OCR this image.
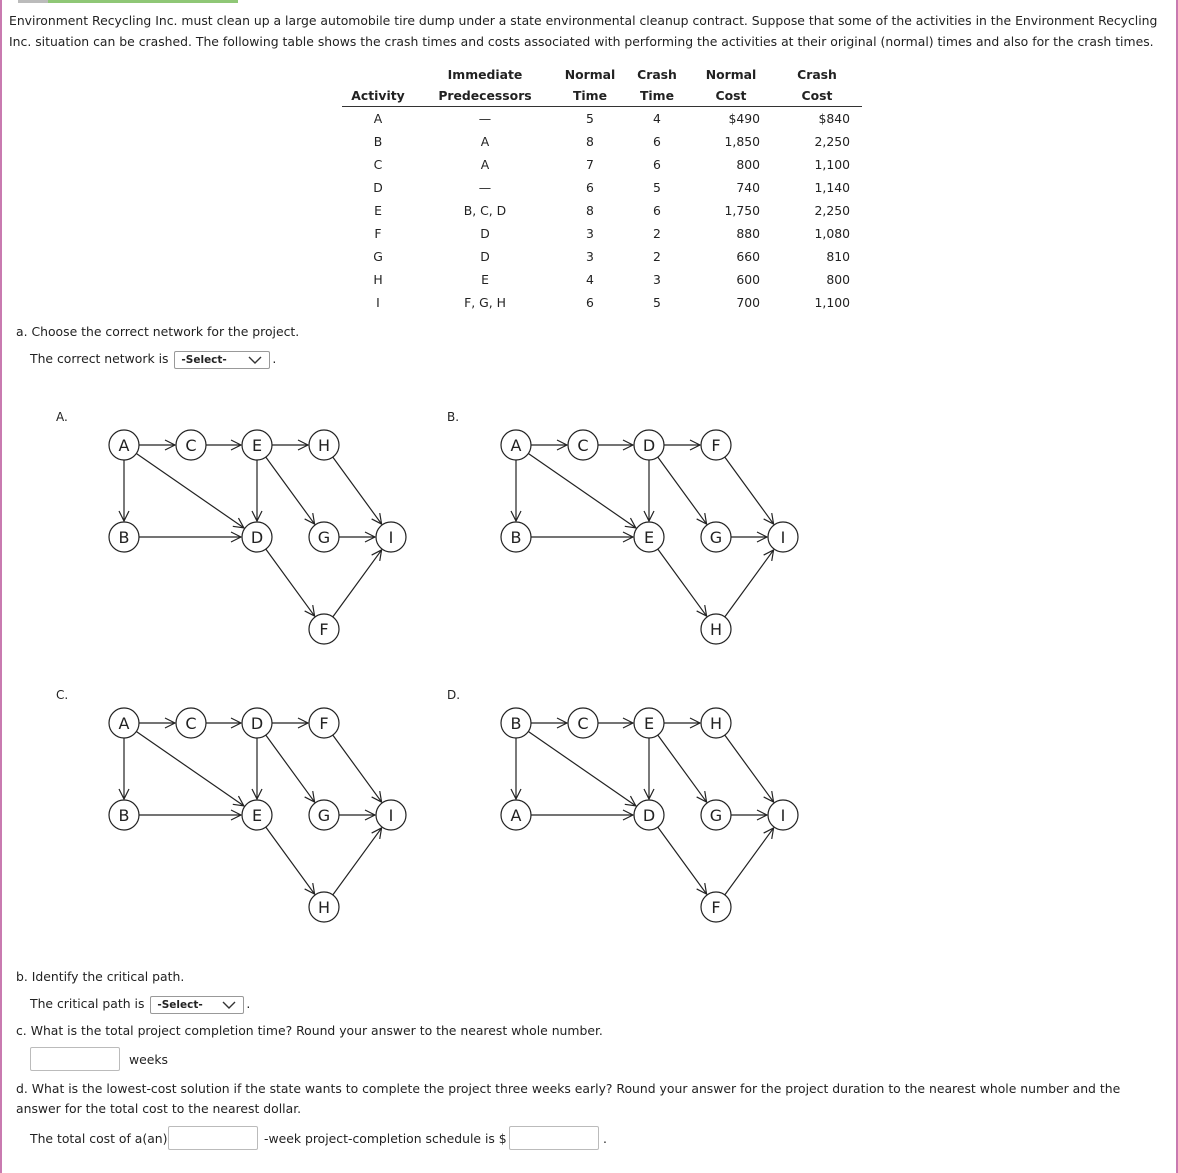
Environment Recycling Inc. must clean up a large automobile tire dump under a state environmental cleanup contract. Suppose that some of the activities in the Environment Recycling Inc. situation can be crashed. The following table shows the crash times and costs associated with performing the activities at their original (normal) times and also for the crash times.
	Immediate	Normal	Crash	Normal	Crash
Activity	Predecessors	Time	Time	Cost	Cost
A	—	5	4	$490	$840
B	A	8	6	1,850	2,250
C	A	7	6	800	1,100
D	—	6	5	740	1,140
E	B, C, D	8	6	1,750	2,250
F	D	3	2	880	1,080
G	D	3	2	660	810
H	E	4	3	600	800
I	F, G, H	6	5	700	1,100
a. Choose the correct network for the project.
The correct network is -Select-	.
A.	B.
C.	D.
A	C	E	H
B	D	G	I
F
A	C	D	F
B	E	G	I
H
A	C	D	F
B	E	G	I
H
B	C	E	H
A	D	G	I
F
b. Identify the critical path.
The critical path is -Select-	.
c. What is the total project completion time? Round your answer to the nearest whole number.
weeks
d. What is the lowest-cost solution if the state wants to complete the project three weeks early? Round your answer for the project duration to the nearest whole number and the answer for the total cost to the nearest dollar.
The total cost of a(an)	-week project-completion schedule is $	.
